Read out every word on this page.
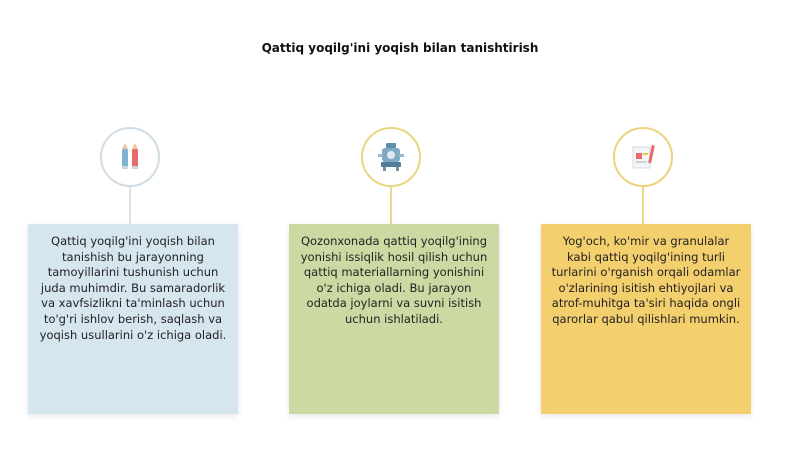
Qattiq yoqilg'ini yoqish bilan tanishtirish
Qattiq yoqilg'ini yoqish bilan tanishish bu jarayonning tamoyillarini tushunish uchun juda muhimdir. Bu samaradorlik va xavfsizlikni ta'minlash uchun to'g'ri ishlov berish, saqlash va yoqish usullarini o'z ichiga oladi.
Qozonxonada qattiq yoqilg'ining yonishi issiqlik hosil qilish uchun qattiq materiallarning yonishini o'z ichiga oladi. Bu jarayon odatda joylarni va suvni isitish uchun ishlatiladi.
Yog'och, ko'mir va granulalar kabi qattiq yoqilg'ining turli turlarini o'rganish orqali odamlar o'zlarining isitish ehtiyojlari va atrof-muhitga ta'siri haqida ongli qarorlar qabul qilishlari mumkin.
